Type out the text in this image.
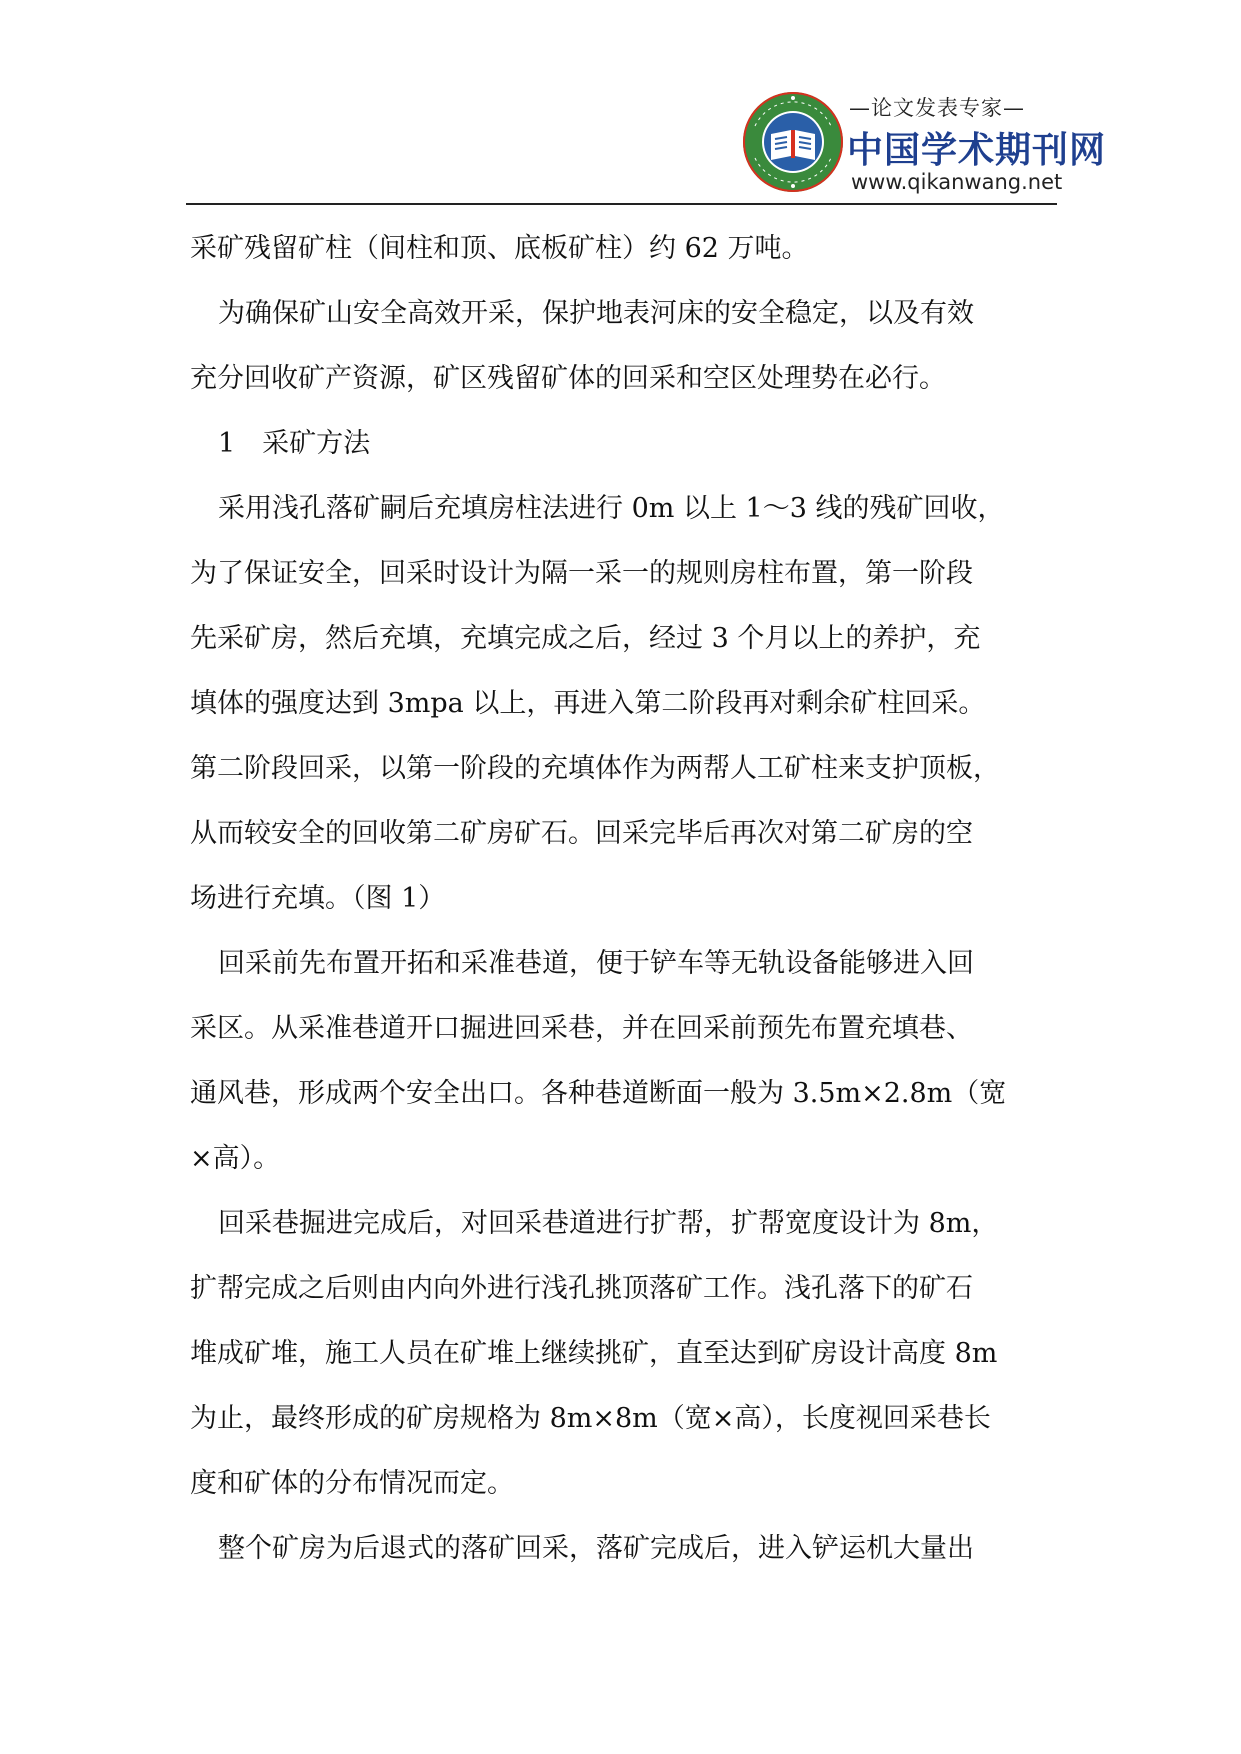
—论文发表专家—
中国学术期刊网
www.qikanwang.net
采矿残留矿柱（间柱和顶、底板矿柱）约 62 万吨。
为确保矿山安全高效开采，保护地表河床的安全稳定，以及有效
充分回收矿产资源，矿区残留矿体的回采和空区处理势在必行。
1　采矿方法
采用浅孔落矿嗣后充填房柱法进行 0m 以上 1～3 线的残矿回收，
为了保证安全，回采时设计为隔一采一的规则房柱布置，第一阶段
先采矿房，然后充填，充填完成之后，经过 3 个月以上的养护，充
填体的强度达到 3mpa 以上，再进入第二阶段再对剩余矿柱回采。
第二阶段回采，以第一阶段的充填体作为两帮人工矿柱来支护顶板，
从而较安全的回收第二矿房矿石。回采完毕后再次对第二矿房的空
场进行充填。（图 1）
回采前先布置开拓和采准巷道，便于铲车等无轨设备能够进入回
采区。从采准巷道开口掘进回采巷，并在回采前预先布置充填巷、
通风巷，形成两个安全出口。各种巷道断面一般为 3.5m×2.8m（宽
×高）。
回采巷掘进完成后，对回采巷道进行扩帮，扩帮宽度设计为 8m，
扩帮完成之后则由内向外进行浅孔挑顶落矿工作。浅孔落下的矿石
堆成矿堆，施工人员在矿堆上继续挑矿，直至达到矿房设计高度 8m
为止，最终形成的矿房规格为 8m×8m（宽×高），长度视回采巷长
度和矿体的分布情况而定。
整个矿房为后退式的落矿回采，落矿完成后，进入铲运机大量出
